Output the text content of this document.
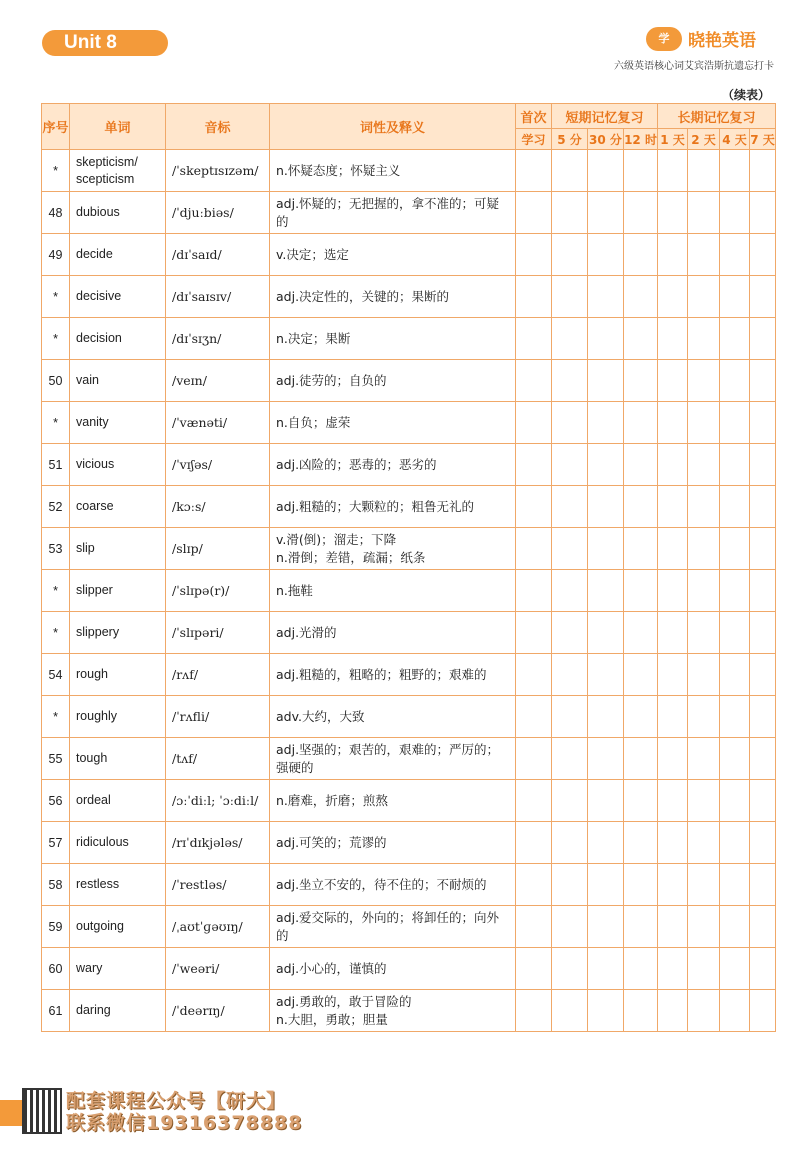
Unit 8	学	晓艳英语
六级英语核心词艾宾浩斯抗遗忘打卡
（续表）
序号	单词	音标	词性及释义	首次	短期记忆复习			长期记忆复习			
				学习	5 分	30 分	12 时	1 天	2 天	4 天	7 天
*	skepticism/ scepticism	/ˈskeptɪsɪzəm/	n.怀疑态度；怀疑主义								

48	dubious	/ˈdjuːbiəs/	adj.怀疑的；无把握的，拿不准的；可疑的								

49	decide	/dɪˈsaɪd/	v.决定；选定								

*	decisive	/dɪˈsaɪsɪv/	adj.决定性的，关键的；果断的								

*	decision	/dɪˈsɪʒn/	n.决定；果断								

50	vain	/veɪn/	adj.徒劳的；自负的								

*	vanity	/ˈvænəti/	n.自负；虚荣								

51	vicious	/ˈvɪʃəs/	adj.凶险的；恶毒的；恶劣的								

52	coarse	/kɔːs/	adj.粗糙的；大颗粒的；粗鲁无礼的								

53	slip	/slɪp/	v.滑(倒)；溜走；下降
n.滑倒；差错，疏漏；纸条								

*	slipper	/ˈslɪpə(r)/	n.拖鞋								

*	slippery	/ˈslɪpəri/	adj.光滑的								

54	rough	/rʌf/	adj.粗糙的，粗略的；粗野的；艰难的								

*	roughly	/ˈrʌfli/	adv.大约，大致								

55	tough	/tʌf/	adj.坚强的；艰苦的，艰难的；严厉的；强硬的								

56	ordeal	/ɔːˈdiːl; ˈɔːdiːl/	n.磨难，折磨；煎熬								

57	ridiculous	/rɪˈdɪkjələs/	adj.可笑的；荒谬的								

58	restless	/ˈrestləs/	adj.坐立不安的，待不住的；不耐烦的								

59	outgoing	/ˌaʊtˈɡəʊɪŋ/	adj.爱交际的，外向的；将卸任的；向外的								

60	wary	/ˈweəri/	adj.小心的，谨慎的								

61	daring	/ˈdeərɪŋ/	adj.勇敢的，敢于冒险的
n.大胆，勇敢；胆量								

配套课程公众号【研大】
联系微信19316378888
